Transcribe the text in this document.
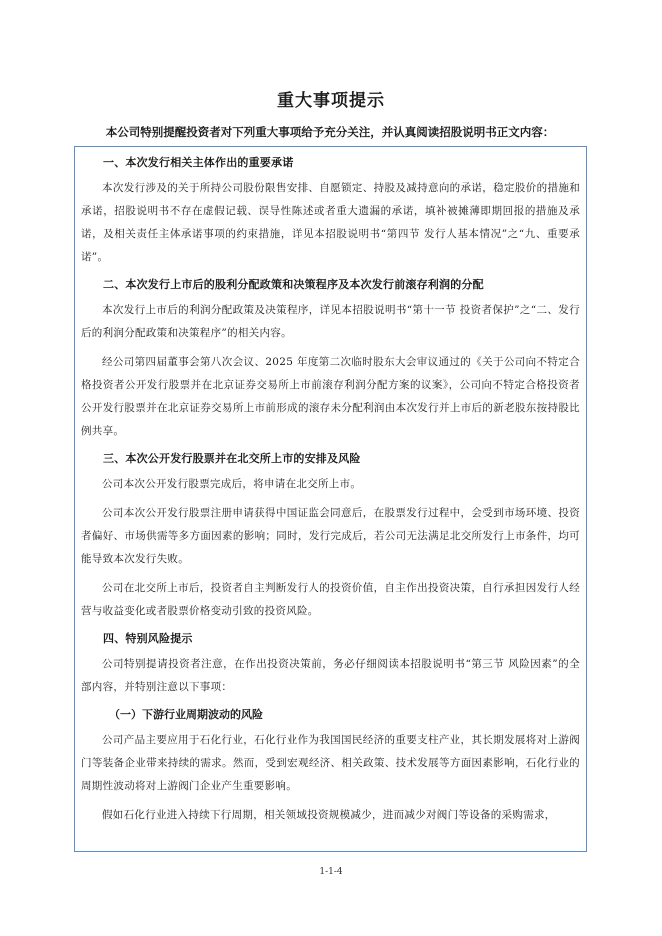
重大事项提示
本公司特别提醒投资者对下列重大事项给予充分关注，并认真阅读招股说明书正文内容：
一、本次发行相关主体作出的重要承诺

本次发行涉及的关于所持公司股份限售安排、自愿锁定、持股及减持意向的承诺，稳定股价的措施和承诺，招股说明书不存在虚假记载、误导性陈述或者重大遗漏的承诺，填补被摊薄即期回报的措施及承诺，及相关责任主体承诺事项的约束措施，详见本招股说明书“第四节 发行人基本情况”之“九、重要承诺”。

二、本次发行上市后的股利分配政策和决策程序及本次发行前滚存利润的分配

本次发行上市后的利润分配政策及决策程序，详见本招股说明书“第十一节 投资者保护”之“二、发行后的利润分配政策和决策程序”的相关内容。

经公司第四届董事会第八次会议、2025 年度第二次临时股东大会审议通过的《关于公司向不特定合格投资者公开发行股票并在北京证券交易所上市前滚存利润分配方案的议案》，公司向不特定合格投资者公开发行股票并在北京证券交易所上市前形成的滚存未分配利润由本次发行并上市后的新老股东按持股比例共享。

三、本次公开发行股票并在北交所上市的安排及风险

公司本次公开发行股票完成后，将申请在北交所上市。

公司本次公开发行股票注册申请获得中国证监会同意后，在股票发行过程中，会受到市场环境、投资者偏好、市场供需等多方面因素的影响；同时，发行完成后，若公司无法满足北交所发行上市条件，均可能导致本次发行失败。

公司在北交所上市后，投资者自主判断发行人的投资价值，自主作出投资决策，自行承担因发行人经营与收益变化或者股票价格变动引致的投资风险。

四、特别风险提示

公司特别提请投资者注意，在作出投资决策前，务必仔细阅读本招股说明书“第三节 风险因素”的全部内容，并特别注意以下事项：

（一）下游行业周期波动的风险

公司产品主要应用于石化行业，石化行业作为我国国民经济的重要支柱产业，其长期发展将对上游阀门等装备企业带来持续的需求。然而，受到宏观经济、相关政策、技术发展等方面因素影响，石化行业的周期性波动将对上游阀门企业产生重要影响。

假如石化行业进入持续下行周期，相关领域投资规模减少，进而减少对阀门等设备的采购需求，

1-1-4
